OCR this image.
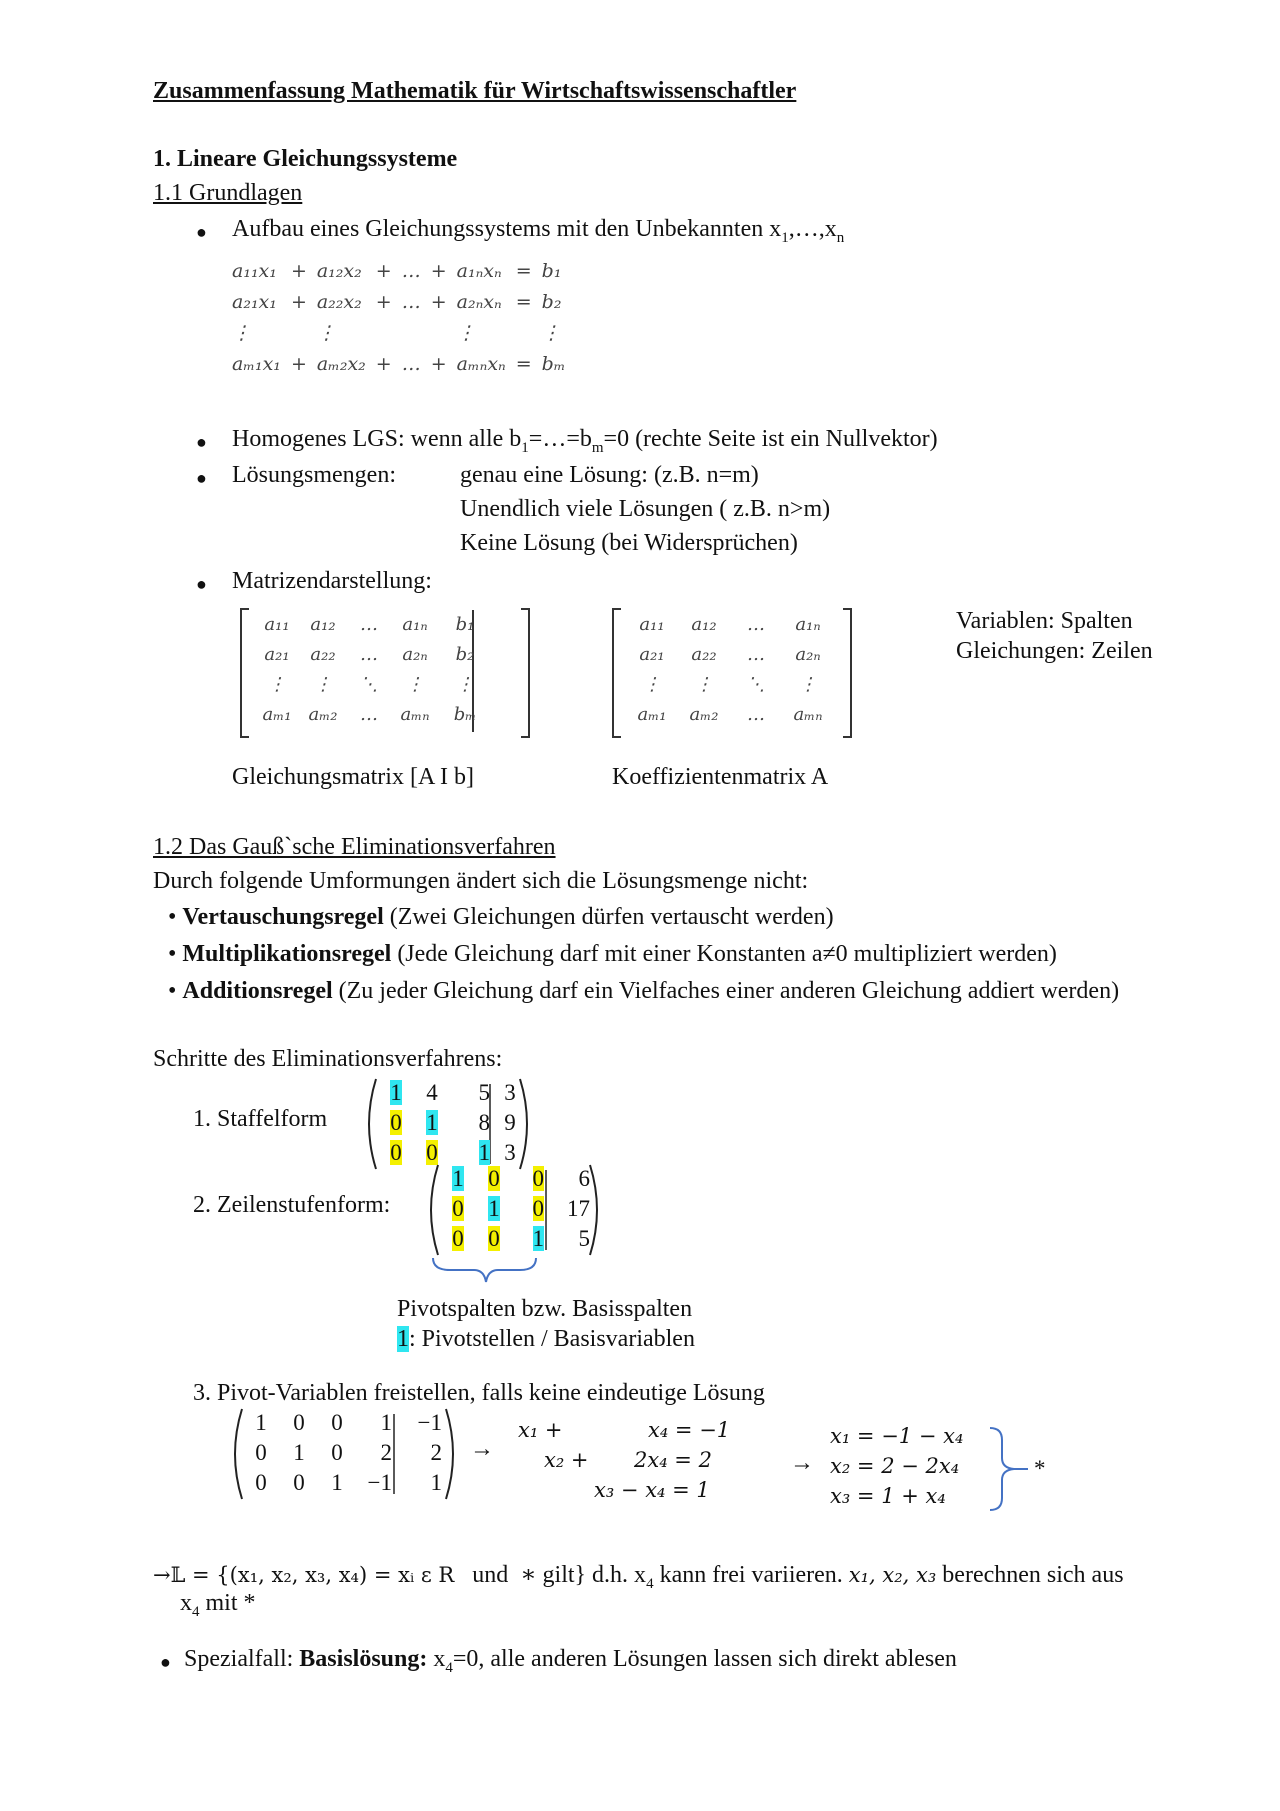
Zusammenfassung Mathematik für Wirtschaftswissenschaftler
1. Lineare Gleichungssysteme
1.1 Grundlagen
● Aufbau eines Gleichungssystems mit den Unbekannten $x_1,\dots,x_n$
a₁₁x₁	+	a₁₂x₂	+	…	+	a₁ₙxₙ	=	b₁
a₂₁x₁	+	a₂₂x₂	+	…	+	a₂ₙxₙ	=	b₂
⋮		⋮				⋮		⋮
aₘ₁x₁	+	aₘ₂x₂	+	…	+	aₘₙxₙ	=	bₘ
● Homogenes LGS: wenn alle $b_1=\dots=b_m=0$ (rechte Seite ist ein Nullvektor)
● Lösungsmengen:	genau eine Lösung: (z.B. n=m)
Unendlich viele Lösungen ( z.B. n>m)
Keine Lösung (bei Widersprüchen)
● Matrizendarstellung:
a₁₁	a₁₂	…	a₁ₙ	b₁
a₂₁	a₂₂	…	a₂ₙ	b₂
⋮	⋮	⋱	⋮	⋮
aₘ₁ aₘ₂	…	aₘₙ	bₘ
a₁₁	a₁₂	…	a₁ₙ
a₂₁	a₂₂	…	a₂ₙ
⋮	⋮	⋱	⋮
aₘ₁	aₘ₂	…	aₘₙ
Variablen: Spalten
Gleichungen: Zeilen
Gleichungsmatrix [A I b]	Koeffizientenmatrix A
1.2 Das Gauß`sche Eliminationsverfahren
Durch folgende Umformungen ändert sich die Lösungsmenge nicht:
• Vertauschungsregel (Zwei Gleichungen dürfen vertauscht werden)
• Multiplikationsregel (Jede Gleichung darf mit einer Konstanten a≠0 multipliziert werden)
• Additionsregel (Zu jeder Gleichung darf ein Vielfaches einer anderen Gleichung addiert werden)
Schritte des Eliminationsverfahrens:
1. Staffelform
1	4	5	3
0	1	8	9
0	0	1	3
2. Zeilenstufenform:
1	0	0	6
0	1	0	17
0	0	1	5
Pivotspalten bzw. Basisspalten
1: Pivotstellen / Basisvariablen
3. Pivot-Variablen freistellen, falls keine eindeutige Lösung
1	0	0	1	−1
0	1	0	2	2
0	0	1	−1	1
→
x₁ +	x₄ = −1
x₂ + 2x₄ = 2
x₃ − x₄ = 1
→
x₁ = −1 − x₄
x₂ = 2 − 2x₄
x₃ = 1 + x₄
*
→𝕃 = {(x₁, x₂, x₃, x₄) = xᵢ ε R und ∗ gilt} d.h. $x_4$ kann frei variieren. x₁, x₂, x₃ berechnen sich aus
$x_4$ mit *
● Spezialfall: Basislösung: $x_4=0$, alle anderen Lösungen lassen sich direkt ablesen
